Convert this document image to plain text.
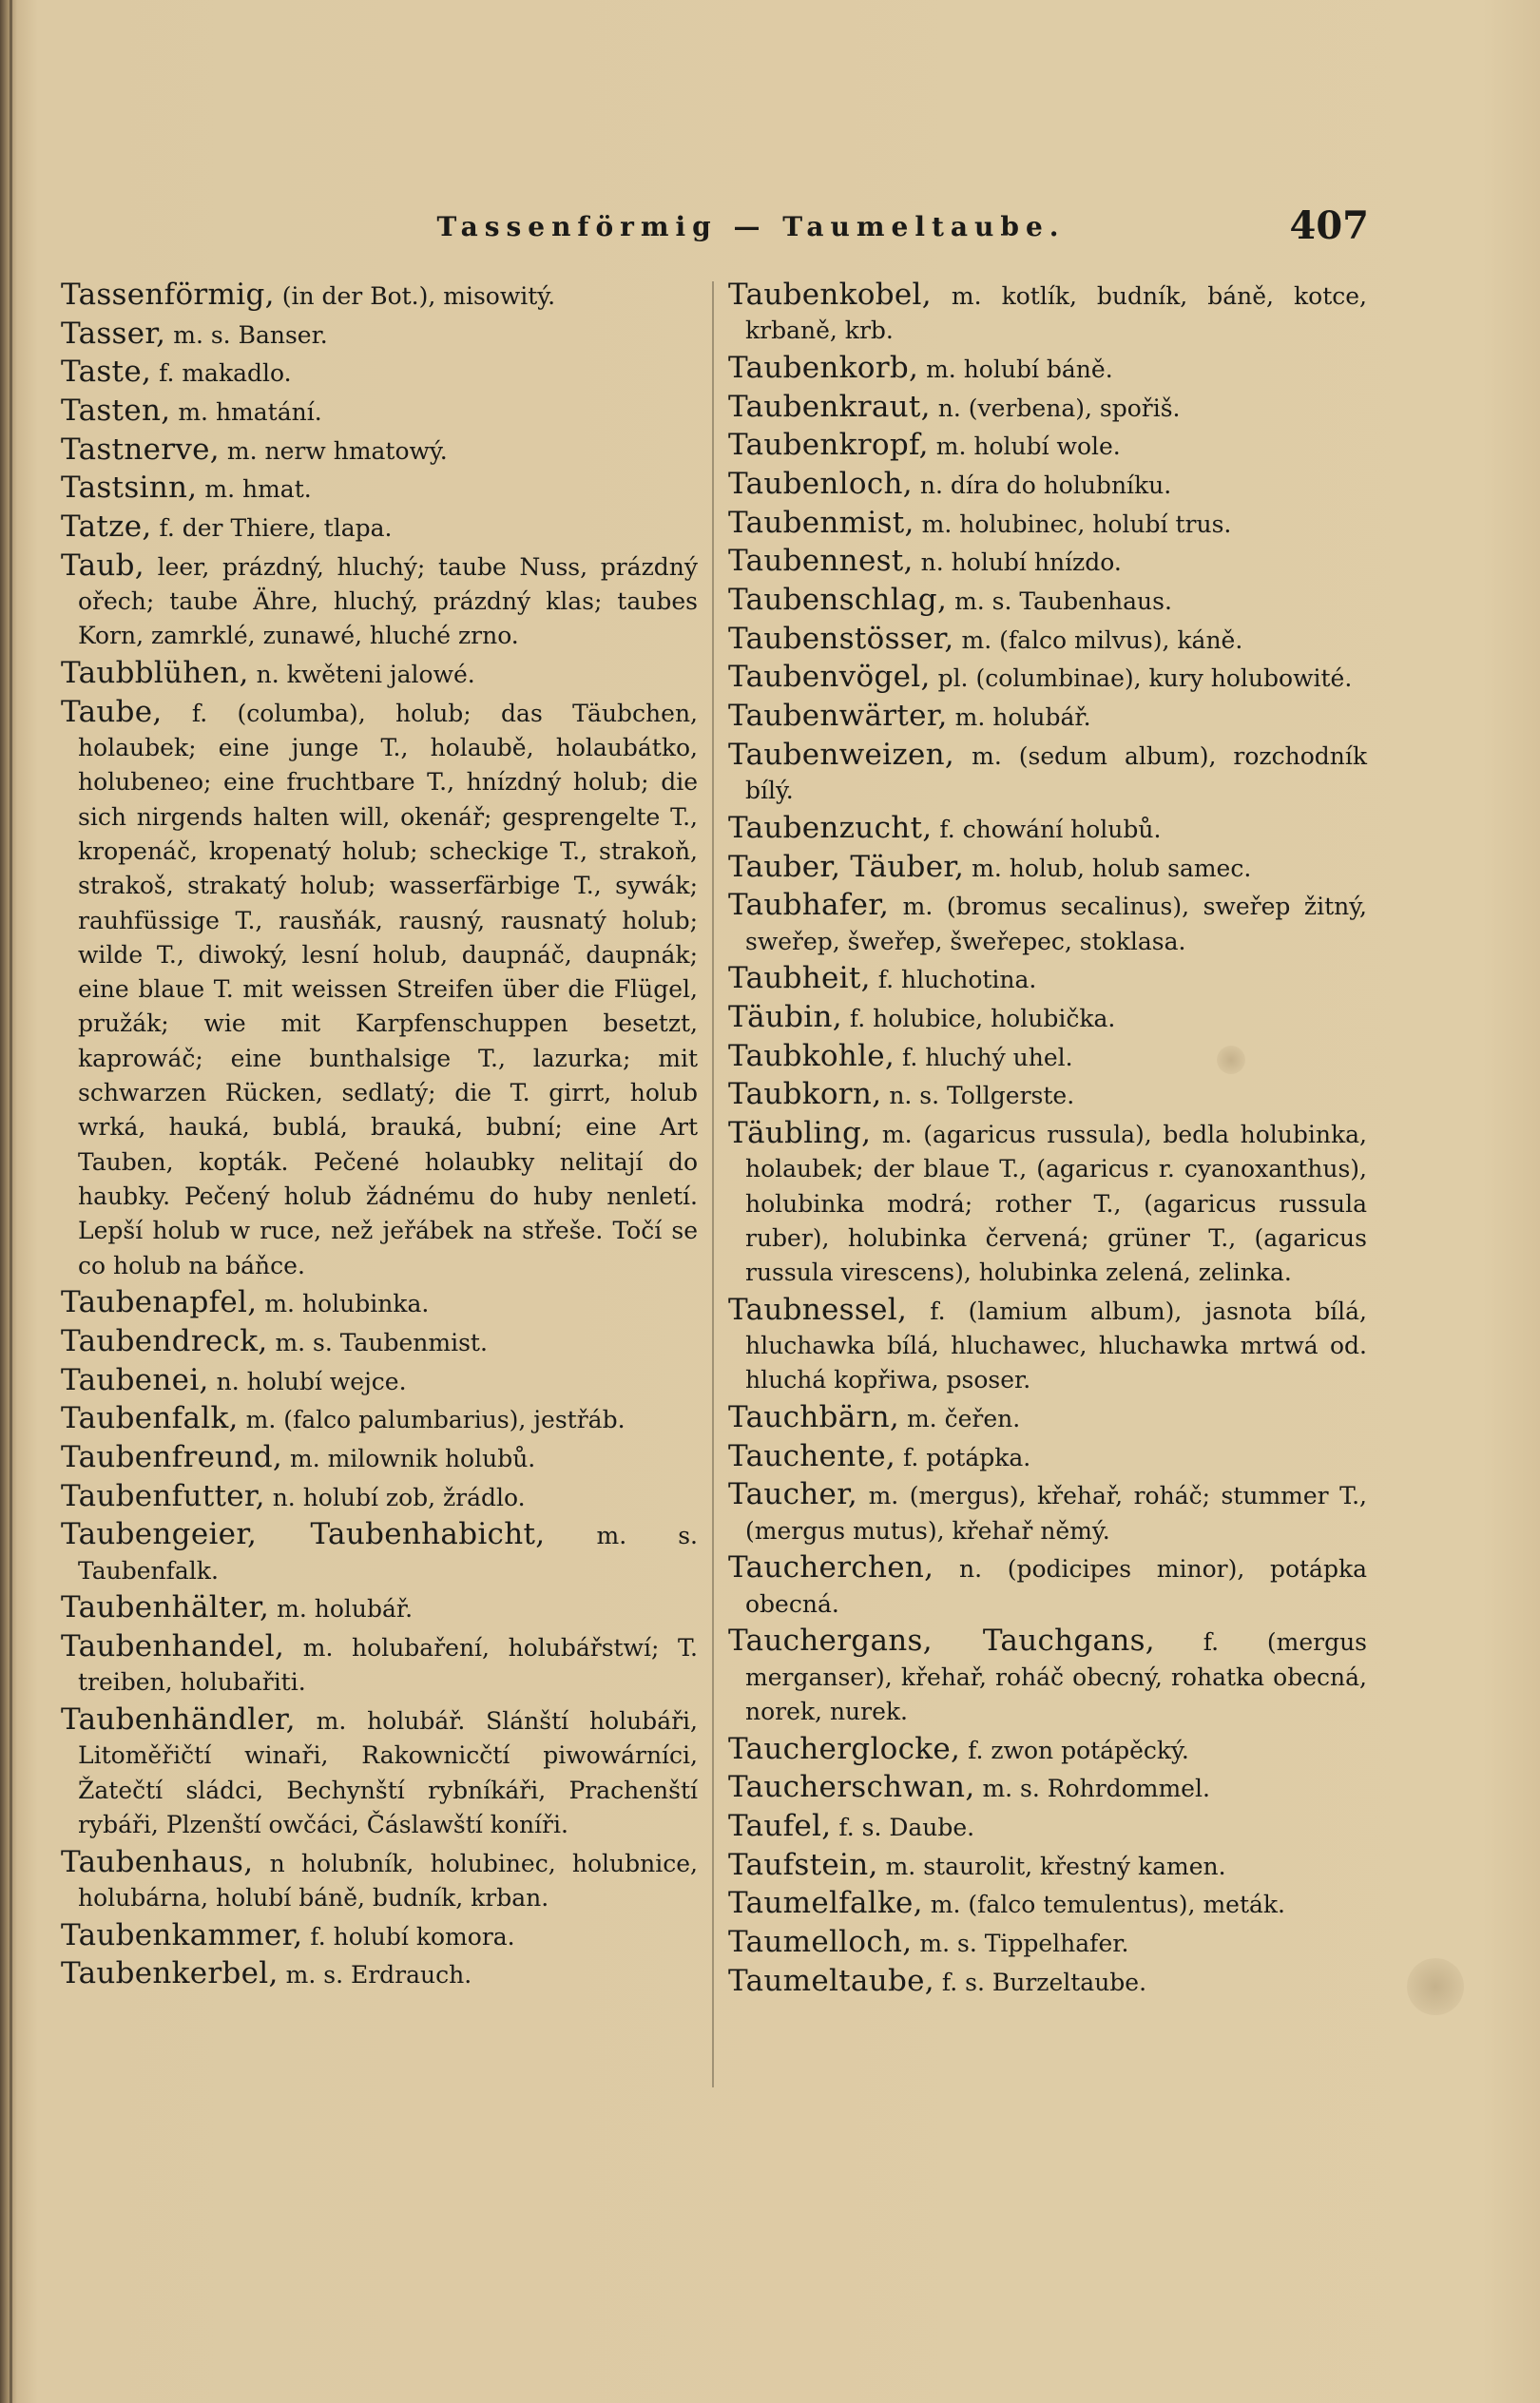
Tassenförmig — Taumeltaube.	407

Tassenförmig, (in der Bot.), misowitý.

Tasser, m. s. Banser.

Taste, f. makadlo.

Tasten, m. hmatání.

Tastnerve, m. nerw hmatowý.

Tastsinn, m. hmat.

Tatze, f. der Thiere, tlapa.

Taub, leer, prázdný, hluchý; taube Nuss, prázdný ořech; taube Ähre, hluchý, prázdný klas; taubes Korn, zamrklé, zunawé, hluché zrno.

Taubblühen, n. kwěteni jalowé.

Taube, f. (columba), holub; das Täubchen, holaubek; eine junge T., holaubě, holaubátko, holubeneo; eine fruchtbare T., hnízdný holub; die sich nirgends halten will, okenář; gesprengelte T., kropenáč, kropenatý holub; scheckige T., strakoň, strakoš, strakatý holub; wasserfärbige T., sywák; rauhfüssige T., rausňák, rausný, rausnatý holub; wilde T., diwoký, lesní holub, daupnáč, daupnák; eine blaue T. mit weissen Streifen über die Flügel, pružák; wie mit Karpfenschuppen besetzt, kaprowáč; eine bunthalsige T., lazurka; mit schwarzen Rücken, sedlatý; die T. girrt, holub wrká, hauká, bublá, brauká, bubní; eine Art Tauben, kopták. Pečené holaubky nelitají do haubky. Pečený holub žádnému do huby nenletí. Lepší holub w ruce, než jeřábek na střeše. Točí se co holub na báňce.

Taubenapfel, m. holubinka.

Taubendreck, m. s. Taubenmist.

Taubenei, n. holubí wejce.

Taubenfalk, m. (falco palumbarius), jestřáb.

Taubenfreund, m. milownik holubů.

Taubenfutter, n. holubí zob, žrádlo.

Taubengeier, Taubenhabicht, m. s. Taubenfalk.

Taubenhälter, m. holubář.

Taubenhandel, m. holubaření, holubářstwí; T. treiben, holubařiti.

Taubenhändler, m. holubář. Slánští holubáři, Litoměřičtí winaři, Rakownicčtí piwowárníci, Žatečtí sládci, Bechynští rybníkáři, Prachenští rybáři, Plzenští owčáci, Čáslawští koníři.

Taubenhaus, n holubník, holubinec, holubnice, holubárna, holubí báně, budník, krban.

Taubenkammer, f. holubí komora.

Taubenkerbel, m. s. Erdrauch.

Taubenkobel, m. kotlík, budník, báně, kotce, krbaně, krb.

Taubenkorb, m. holubí báně.

Taubenkraut, n. (verbena), spořiš.

Taubenkropf, m. holubí wole.

Taubenloch, n. díra do holubníku.

Taubenmist, m. holubinec, holubí trus.

Taubennest, n. holubí hnízdo.

Taubenschlag, m. s. Taubenhaus.

Taubenstösser, m. (falco milvus), káně.

Taubenvögel, pl. (columbinae), kury holubowité.

Taubenwärter, m. holubář.

Taubenweizen, m. (sedum album), rozchodník bílý.

Taubenzucht, f. chowání holubů.

Tauber, Täuber, m. holub, holub samec.

Taubhafer, m. (bromus secalinus), sweřep žitný, sweřep, šweřep, šweřepec, stoklasa.

Taubheit, f. hluchotina.

Täubin, f. holubice, holubička.

Taubkohle, f. hluchý uhel.

Taubkorn, n. s. Tollgerste.

Täubling, m. (agaricus russula), bedla holubinka, holaubek; der blaue T., (agaricus r. cyanoxanthus), holubinka modrá; rother T., (agaricus russula ruber), holubinka červená; grüner T., (agaricus russula virescens), holubinka zelená, zelinka.

Taubnessel, f. (lamium album), jasnota bílá, hluchawka bílá, hluchawec, hluchawka mrtwá od. hluchá kopřiwa, psoser.

Tauchbärn, m. čeřen.

Tauchente, f. potápka.

Taucher, m. (mergus), křehař, roháč; stummer T., (mergus mutus), křehař němý.

Taucherchen, n. (podicipes minor), potápka obecná.

Tauchergans, Tauchgans, f. (mergus merganser), křehař, roháč obecný, rohatka obecná, norek, nurek.

Taucherglocke, f. zwon potápěcký.

Taucherschwan, m. s. Rohrdommel.

Taufel, f. s. Daube.

Taufstein, m. staurolit, křestný kamen.

Taumelfalke, m. (falco temulentus), meták.

Taumelloch, m. s. Tippelhafer.

Taumeltaube, f. s. Burzeltaube.
